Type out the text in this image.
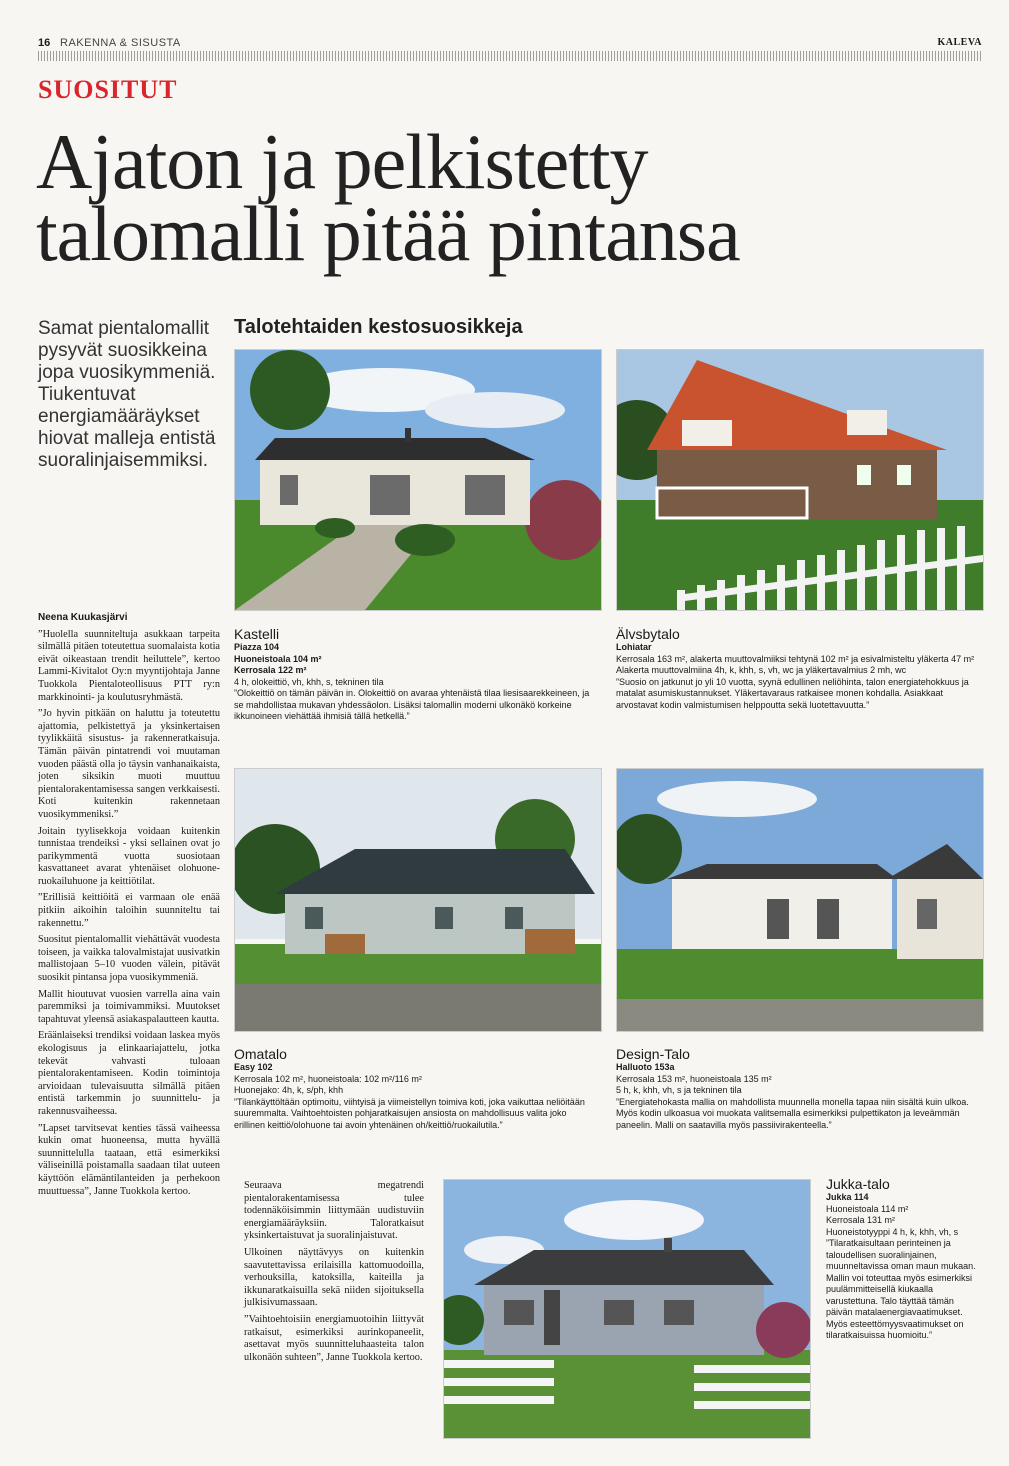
16 RAKENNA & SISUSTA	KALEVA
SUOSITUT
Ajaton ja pelkistetty
talomalli pitää pintansa
Samat pientalomallit pysyvät suosikkeina jopa vuosikymmeniä. Tiukentuvat energiamääräykset hiovat malleja entistä suoralinjaisemmiksi.
Talotehtaiden kestosuosikkeja
Kastelli
Piazza 104
Huoneistoala 104 m²
Kerrosala 122 m²
4 h, olokeittiö, vh, khh, s, tekninen tila
”Olokeittiö on tämän päivän in. Olokeittiö on avaraa yhtenäistä tilaa liesisaarekkeineen, ja se mahdollistaa mukavan yhdessäolon. Lisäksi talomallin moderni ulkonäkö korkeine ikkunoineen viehättää ihmisiä tällä hetkellä.”
Älvsbytalo
Lohiatar
Kerrosala 163 m², alakerta muuttovalmiiksi tehtynä 102 m² ja esivalmisteltu yläkerta 47 m²
Alakerta muuttovalmiina 4h, k, khh, s, vh, wc ja yläkertavalmius 2 mh, wc
”Suosio on jatkunut jo yli 10 vuotta, syynä edullinen neliöhinta, talon energiatehokkuus ja matalat asumiskustannukset. Yläkertavaraus ratkaisee monen kohdalla. Asiakkaat arvostavat kodin valmistumisen helppoutta sekä luotettavuutta.”
Omatalo
Easy 102
Kerrosala 102 m², huoneistoala: 102 m²/116 m²
Huonejako: 4h, k, s/ph, khh
”Tilankäyttöltään optimoitu, viihtyisä ja viimeistellyn toimiva koti, joka vaikuttaa neliöitään suuremmalta. Vaihtoehtoisten pohjaratkaisujen ansiosta on mahdollisuus valita joko erillinen keittiö/olohuone tai avoin yhtenäinen oh/keittiö/ruokailutila.”
Design-Talo
Halluoto 153a
Kerrosala 153 m², huoneistoala 135 m²
5 h, k, khh, vh, s ja tekninen tila
”Energiatehokasta mallia on mahdollista muunnella monella tapaa niin sisältä kuin ulkoa. Myös kodin ulkoasua voi muokata valitsemalla esimerkiksi pulpettikaton ja leveämmän paneelin. Malli on saatavilla myös passiivirakenteella.”
Jukka-talo
Jukka 114
Huoneistoala 114 m²
Kerrosala 131 m²
Huoneistotyyppi 4 h, k, khh, vh, s
”Tilaratkaisultaan perinteinen ja taloudellisen suoralinjainen, muunneltavissa oman maun mukaan. Mallin voi toteuttaa myös esimerkiksi puulämmitteisellä kiukaalla varustettuna. Talo täyttää tämän päivän matalaenergiavaatimukset. Myös esteettömyysvaatimukset on tilaratkaisuissa huomioitu.”

Neena Kuukasjärvi

”Huolella suunniteltuja asukkaan tarpeita silmällä pitäen toteutettua suomalaista kotia eivät oikeastaan trendit heiluttele”, kertoo Lammi-Kivitalot Oy:n myyntijohtaja Janne Tuokkola Pientaloteollisuus PTT ry:n markkinointi- ja koulutusryhmästä.

”Jo hyvin pitkään on haluttu ja toteutettu ajattomia, pelkistettyä ja yksinkertaisen tyylikkäitä sisustus- ja rakenneratkaisuja. Tämän päivän pintatrendi voi muutaman vuoden päästä olla jo täysin vanhanaikaista, joten siksikin muoti muuttuu pientalorakentamisessa sangen verkkaisesti. Koti kuitenkin rakennetaan vuosikymmeniksi.”

Joitain tyylisekkoja voidaan kuitenkin tunnistaa trendeiksi - yksi sellainen ovat jo parikymmentä vuotta suosiotaan kasvattaneet avarat yhtenäiset olohuone-ruokailuhuone ja keittiötilat.

”Erillisiä keittiöitä ei varmaan ole enää pitkiin aikoihin taloihin suunniteltu tai rakennettu.”

Suositut pientalomallit viehättävät vuodesta toiseen, ja vaikka talovalmistajat uusivatkin mallistojaan 5–10 vuoden välein, pitävät suosikit pintansa jopa vuosikymmeniä.

Mallit hioutuvat vuosien varrella aina vain paremmiksi ja toimivammiksi. Muutokset tapahtuvat yleensä asiakaspalautteen kautta.

Eräänlaiseksi trendiksi voidaan laskea myös ekologisuus ja elinkaariajattelu, jotka tekevät vahvasti tuloaan pientalorakentamiseen. Kodin toimintoja arvioidaan tulevaisuutta silmällä pitäen entistä tarkemmin jo suunnittelu- ja rakennusvaiheessa.

”Lapset tarvitsevat kenties tässä vaiheessa kukin omat huoneensa, mutta hyvällä suunnittelulla taataan, että esimerkiksi väliseinillä poistamalla saadaan tilat uuteen käyttöön elämäntilanteiden ja perhekoon muuttuessa”, Janne Tuokkola kertoo.

Seuraava megatrendi pientalorakentamisessa tulee todennäköisimmin liittymään uudistuviin energiamääräyksiin. Taloratkaisut yksinkertaistuvat ja suoralinjaistuvat.

Ulkoinen näyttävyys on kuitenkin saavutettavissa erilaisilla kattomuodoilla, verhouksilla, katoksilla, kaiteilla ja ikkunaratkaisuilla sekä niiden sijoituksella julkisivumassaan.

”Vaihtoehtoisiin energiamuotoihin liittyvät ratkaisut, esimerkiksi aurinkopaneelit, asettavat myös suunnitteluhaasteita talon ulkonäön suhteen”, Janne Tuokkola kertoo.
